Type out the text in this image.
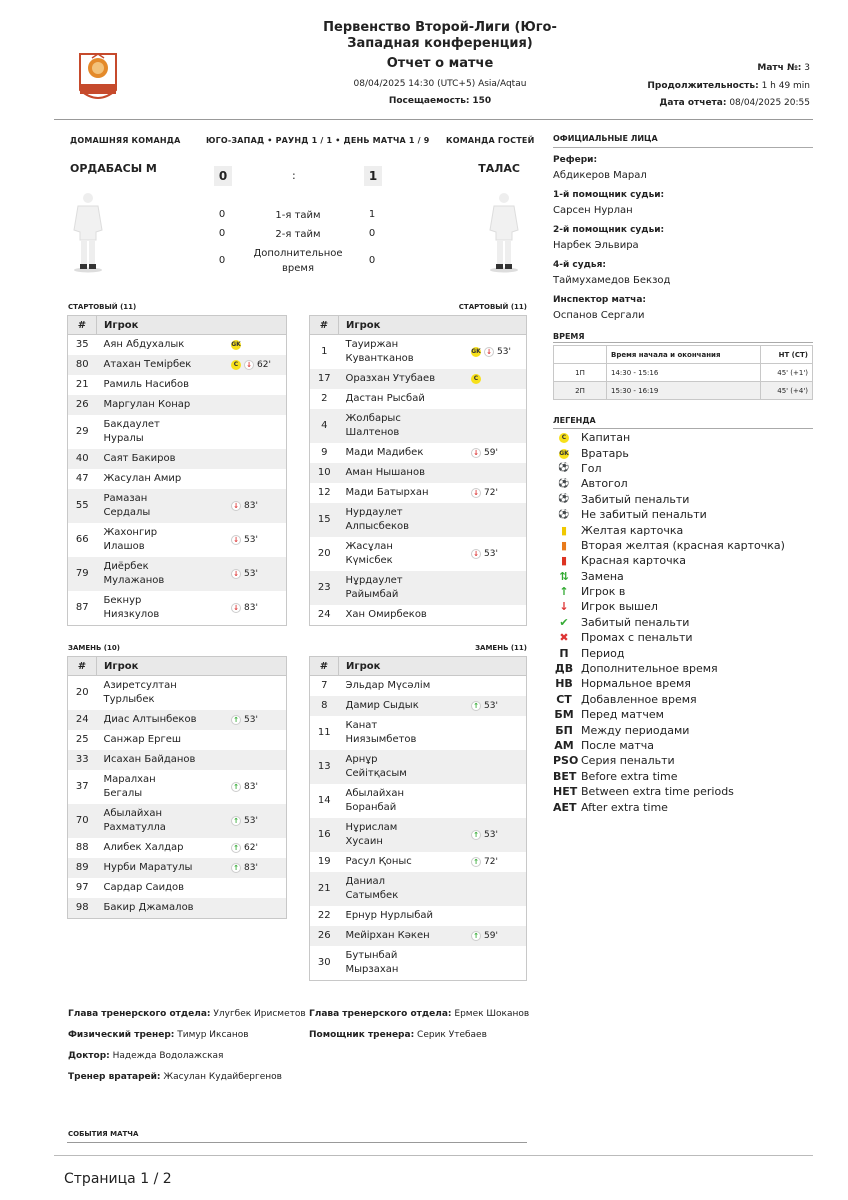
Первенство Второй-Лиги (Юго-Западная конференция)
Отчет о матче
08/04/2025 14:30 (UTC+5) Asia/Aqtau
Посещаемость: 150
Матч №: 3
Продолжительность: 1 h 49 min
Дата отчета: 08/04/2025 20:55
ДОМАШНЯЯ КОМАНДА	ЮГО-ЗАПАД • РАУНД 1 / 1 • ДЕНЬ МАТЧА 1 / 9 КОМАНДА ГОСТЕЙ
ОРДАБАСЫ М	ТАЛАС
0	:	1
0	1-я тайм	1
0	2-я тайм	0
0
Дополнительное время
0
СТАРТОВЫЙ (11)	СТАРТОВЫЙ (11)
ЗАМЕНЬ (10)	ЗАМЕНЬ (11)
#	Игрок	
35	Аян Абдухалык	GK
80	Атахан Темірбек	C ↓ 62'
21	Рамиль Насибов	
26	Маргулан Конар	
29	Бакдаулет
Нуралы	
40	Саят Бакиров	
47	Жасулан Амир	
55	Рамазан
Сердалы	↓ 83'
66	Жахонгир
Илашов	↓ 53'
79	Диёрбек
Мулажанов	↓ 53'
87	Бекнур
Ниязкулов	↓ 83'
#	Игрок	
1	Тауиржан
Кувантканов	GK ↓ 53'
17	Оразхан Утубаев	C
2	Дастан Рысбай	
4	Жолбарыс
Шалтенов	
9	Мади Мадибек	↓ 59'
10	Аман Нышанов	
12	Мади Батырхан	↓ 72'
15	Нурдаулет
Алпысбеков	
20	Жасұлан
Күмісбек	↓ 53'
23	Нұрдаулет
Райымбай	
24	Хан Омирбеков	
#	Игрок	
20	Азиретсултан
Турлыбек	
24	Диас Алтынбеков	↑ 53'
25	Санжар Ергеш	
33	Исахан Байданов	
37	Маралхан
Бегалы	↑ 83'
70	Абылайхан
Рахматулла	↑ 53'
88	Алибек Халдар	↑ 62'
89	Нурби Маратулы	↑ 83'
97	Сардар Саидов	
98	Бакир Джамалов	
#	Игрок	
7	Эльдар Мүсәлім	
8	Дамир Сыдык	↑ 53'
11	Канат
Ниязымбетов	
13	Арнұр
Сейітқасым	
14	Абылайхан
Боранбай	
16	Нұрислам
Хусаин	↑ 53'
19	Расул Қоныс	↑ 72'
21	Даниал
Сатымбек	
22	Ернур Нурлыбай	
26	Мейірхан Кәкен	↑ 59'
30	Бутынбай
Мырзахан	
ОФИЦИАЛЬНЫЕ ЛИЦА
Рефери:
Абдикеров Марал
1-й помощник судьи:
Сарсен Нурлан
2-й помощник судьи:
Нарбек Эльвира
4-й судья:
Таймухамедов Бекзод
Инспектор матча:
Оспанов Сергали
ВРЕМЯ
	Время начала и окончания	HT (СТ)
1П	14:30 - 15:16	45' (+1')
2П	15:30 - 16:19	45' (+4')
ЛЕГЕНДА
C	Капитан
GK	Вратарь
⚽	Гол
⚽	Автогол
⚽	Забитый пенальти
⚽	Не забитый пенальти
▮	Желтая карточка
▮	Вторая желтая (красная карточка)
▮	Красная карточка
⇅	Замена
↑	Игрок в
↓	Игрок вышел
✔	Забитый пенальти
✖	Промах с пенальти
П	Период
ДВ Дополнительное время
НВ Нормальное время
СТ Добавленное время
БМ Перед матчем
БП Между периодами
АМ После матча
PSO Серия пенальти
BET Before extra time
HET Between extra time periods
AET After extra time
Глава тренерского отдела: Улугбек Ирисметов
Физический тренер: Тимур Иксанов
Доктор: Надежда Водолажская
Тренер вратарей: Жасулан Кудайбергенов
Глава тренерского отдела: Ермек Шоканов
Помощник тренера: Серик Утебаев
СОБЫТИЯ МАТЧА
Страница 1 / 2
